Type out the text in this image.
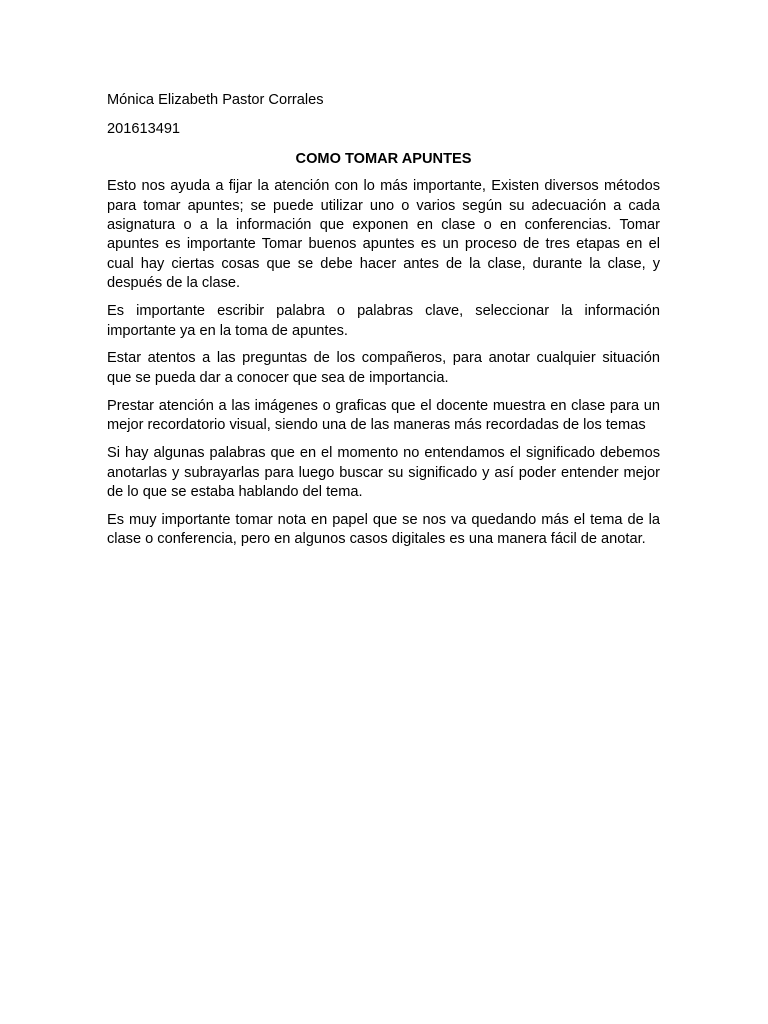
Mónica Elizabeth Pastor Corrales

201613491

COMO TOMAR APUNTES

Esto nos ayuda a fijar la atención con lo más importante, Existen diversos métodos para tomar apuntes; se puede utilizar uno o varios según su adecuación a cada asignatura o a la información que exponen en clase o en conferencias. Tomar apuntes es importante Tomar buenos apuntes es un proceso de tres etapas en el cual hay ciertas cosas que se debe hacer antes de la clase, durante la clase, y después de la clase.

Es importante escribir palabra o palabras clave, seleccionar la información importante ya en la toma de apuntes.

Estar atentos a las preguntas de los compañeros, para anotar cualquier situación que se pueda dar a conocer que sea de importancia.

Prestar atención a las imágenes o graficas que el docente muestra en clase para un mejor recordatorio visual, siendo una de las maneras más recordadas de los temas

Si hay algunas palabras que en el momento no entendamos el significado debemos anotarlas y subrayarlas para luego buscar su significado y así poder entender mejor de lo que se estaba hablando del tema.

Es muy importante tomar nota en papel que se nos va quedando más el tema de la clase o conferencia, pero en algunos casos digitales es una manera fácil de anotar.
